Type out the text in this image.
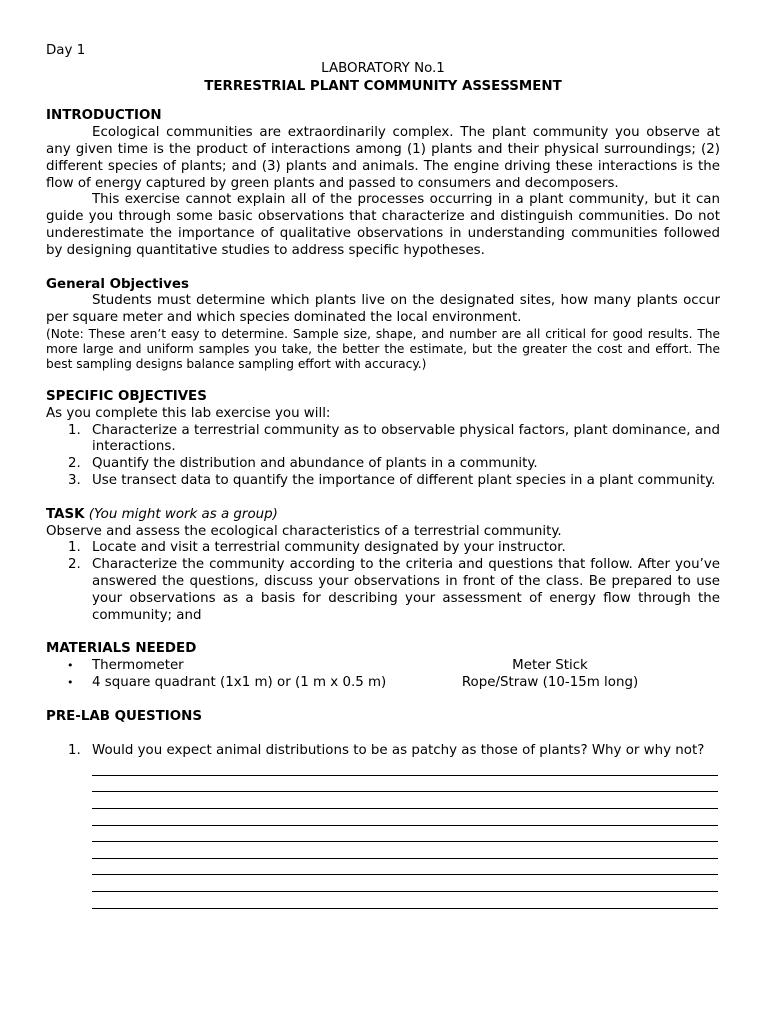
Day 1
LABORATORY No.1
TERRESTRIAL PLANT COMMUNITY ASSESSMENT
INTRODUCTION
Ecological communities are extraordinarily complex. The plant community you observe at any given time is the product of interactions among (1) plants and their physical surroundings; (2) different species of plants; and (3) plants and animals. The engine driving these interactions is the flow of energy captured by green plants and passed to consumers and decomposers.
This exercise cannot explain all of the processes occurring in a plant community, but it can guide you through some basic observations that characterize and distinguish communities. Do not underestimate the importance of qualitative observations in understanding communities followed by designing quantitative studies to address specific hypotheses.
General Objectives
Students must determine which plants live on the designated sites, how many plants occur per square meter and which species dominated the local environment.
(Note: These aren’t easy to determine. Sample size, shape, and number are all critical for good results. The more large and uniform samples you take, the better the estimate, but the greater the cost and effort. The best sampling designs balance sampling effort with accuracy.)
SPECIFIC OBJECTIVES
As you complete this lab exercise you will:
1. Characterize a terrestrial community as to observable physical factors, plant dominance, and interactions.
2. Quantify the distribution and abundance of plants in a community.
3. Use transect data to quantify the importance of different plant species in a plant community.
TASK (You might work as a group)
Observe and assess the ecological characteristics of a terrestrial community.
1. Locate and visit a terrestrial community designated by your instructor.
2. Characterize the community according to the criteria and questions that follow. After you’ve answered the questions, discuss your observations in front of the class. Be prepared to use your observations as a basis for describing your assessment of energy flow through the community; and
MATERIALS NEEDED
• Thermometer	Meter Stick
• 4 square quadrant (1x1 m) or (1 m x 0.5 m)	Rope/Straw (10-15m long)
PRE-LAB QUESTIONS
1. Would you expect animal distributions to be as patchy as those of plants? Why or why not?
